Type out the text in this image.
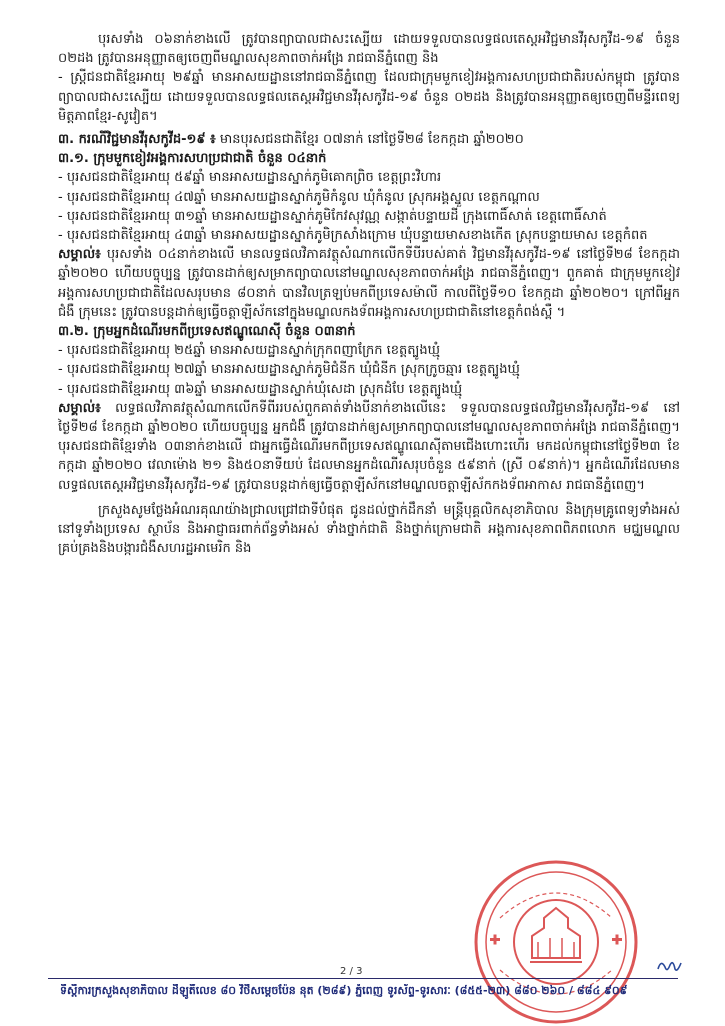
បុរសទាំង ០៦នាក់ខាងលើ ត្រូវបានព្យាបាលជាសះស្បើយ ដោយទទួលបានលទ្ធផលតេស្តអវិជ្ជមានវីរុសកូវីដ-១៩ ចំនួន ០២ដង ត្រូវបានអនុញ្ញាតឲ្យចេញពីមណ្ឌលសុខភាពចាក់អង្រែ រាជធានីភ្នំពេញ និង

- ស្ត្រីជនជាតិខ្មែរអាយុ ២៩ឆ្នាំ មានអាសយដ្ឋាននៅរាជធានីភ្នំពេញ ដែលជាក្រុមមួកខៀវអង្គការសហប្រជាជាតិរបស់កម្ពុជា ត្រូវបានព្យាបាលជាសះស្បើយ ដោយទទួលបានលទ្ធផលតេស្តអវិជ្ជមានវីរុសកូវីដ-១៩ ចំនួន ០២ដង និងត្រូវបានអនុញ្ញាតឲ្យចេញពីមន្ទីរពេទ្យមិត្តភាពខ្មែរ-សូវៀត។

៣. ករណីវិជ្ជមានវីរុសកូវីដ-១៩ ៖ មានបុរសជនជាតិខ្មែរ ០៧នាក់ នៅថ្ងៃទី២៨ ខែកក្កដា ឆ្នាំ២០២០

៣.១. ក្រុមមួកខៀវអង្គការសហប្រជាជាតិ ចំនួន ០៤នាក់

- បុរសជនជាតិខ្មែរអាយុ ៥៩ឆ្នាំ មានអាសយដ្ឋានស្នាក់ភូមិគោកព្រិច ខេត្តព្រះវិហារ

- បុរសជនជាតិខ្មែរអាយុ ៤៧ឆ្នាំ មានអាសយដ្ឋានស្នាក់ភូមិកំនូល ឃុំកំនូល ស្រុកអង្គស្នួល ខេត្តកណ្តាល

- បុរសជនជាតិខ្មែរអាយុ ៣១ឆ្នាំ មានអាសយដ្ឋានស្នាក់ភូមិកែវសុវណ្ណ សង្កាត់បន្ទាយដី ក្រុងពោធិ៍សាត់ ខេត្តពោធិ៍សាត់

- បុរសជនជាតិខ្មែរអាយុ ៤៣ឆ្នាំ មានអាសយដ្ឋានស្នាក់ភូមិក្រសាំងក្រោម ឃុំបន្ទាយមាសខាងកើត ស្រុកបន្ទាយមាស ខេត្តកំពត

សម្គាល់៖ បុរសទាំង ០៤នាក់ខាងលើ មានលទ្ធផលវិភាគវត្ថុសំណាកលើកទីបីរបស់គាត់ វិជ្ជមានវីរុសកូវីដ-១៩ នៅថ្ងៃទី២៨ ខែកក្កដា ឆ្នាំ២០២០ ហើយបច្ចុប្បន្ន ត្រូវបានដាក់ឲ្យសម្រាកព្យាបាលនៅមណ្ឌលសុខភាពចាក់អង្រែ រាជធានីភ្នំពេញ។ ពួកគាត់ ជាក្រុមមួកខៀវអង្គការសហប្រជាជាតិដែលសរុបមាន ៨០នាក់ បានវិលត្រឡប់មកពីប្រទេសម៉ាលី កាលពីថ្ងៃទី១០ ខែកក្កដា ឆ្នាំ២០២០។ ក្រៅពីអ្នកជំងឺ ក្រុមនេះ ត្រូវបានបន្តដាក់ឲ្យធ្វើចត្តាឡីស័កនៅក្នុងមណ្ឌលកងទ័ពអង្គការសហប្រជាជាតិនៅខេត្តកំពង់ស្ពឺ ។

៣.២. ក្រុមអ្នកដំណើរមកពីប្រទេសឥណ្ឌូណេស៊ី ចំនួន ០៣នាក់

- បុរសជនជាតិខ្មែរអាយុ ២៥ឆ្នាំ មានអាសយដ្ឋានស្នាក់ក្រុកពញាក្រែក ខេត្តត្បូងឃ្មុំ

- បុរសជនជាតិខ្មែរអាយុ ២៧ឆ្នាំ មានអាសយដ្ឋានស្នាក់ភូមិជំនីក ឃុំជំនីក ស្រុកក្រូចឆ្មារ ខេត្តត្បូងឃ្មុំ

- បុរសជនជាតិខ្មែរអាយុ ៣៦ឆ្នាំ មានអាសយដ្ឋានស្នាក់ឃុំសេដា ស្រុកដំបែ ខេត្តត្បូងឃ្មុំ

សម្គាល់៖ លទ្ធផលវិភាគវត្ថុសំណាកលើកទីពីររបស់ពួកគាត់ទាំងបីនាក់ខាងលើនេះ ទទួលបានលទ្ធផលវិជ្ជមានវីរុសកូវីដ-១៩ នៅថ្ងៃទី២៨ ខែកក្កដា ឆ្នាំ២០២០ ហើយបច្ចុប្បន្ន អ្នកជំងឺ ត្រូវបានដាក់ឲ្យសម្រាកព្យាបាលនៅមណ្ឌលសុខភាពចាក់អង្រែ រាជធានីភ្នំពេញ។ បុរសជនជាតិខ្មែរទាំង ០៣នាក់ខាងលើ ជាអ្នកធ្វើដំណើរមកពីប្រទេសឥណ្ឌូណេស៊ីតាមជើងហោះហើរ មកដល់កម្ពុជានៅថ្ងៃទី២៣ ខែកក្កដា ឆ្នាំ២០២០ វេលាម៉ោង ២១ និង៥០នាទីយប់ ដែលមានអ្នកដំណើរសរុបចំនួន ៥៩នាក់ (ស្រី ០៩នាក់)។ អ្នកដំណើរដែលមានលទ្ធផលតេស្តអវិជ្ជមានវីរុសកូវីដ-១៩ ត្រូវបានបន្តដាក់ឲ្យធ្វើចត្តាឡីស័កនៅមណ្ឌលចត្តាឡីស័កកងទ័ពអាកាស រាជធានីភ្នំពេញ។

ក្រសួងសូមថ្លែងអំណរគុណយ៉ាងជ្រាលជ្រៅជាទីបំផុត ជូនដល់ថ្នាក់ដឹកនាំ មន្ត្រីបុគ្គលិកសុខាភិបាល និងក្រុមគ្រូពេទ្យទាំងអស់នៅទូទាំងប្រទេស ស្ថាប័ន និងអាជ្ញាធរពាក់ព័ន្ធទាំងអស់ ទាំងថ្នាក់ជាតិ និងថ្នាក់ក្រោមជាតិ អង្គការសុខភាពពិភពលោក មជ្ឈមណ្ឌលគ្រប់គ្រងនិងបង្ការជំងឺសហរដ្ឋអាមេរិក និង

2 / 3
ទីស្តីការក្រសួងសុខាភិបាល ដីឡូតិ៍លេខ ៨០ វិថីសម្តេចប៉ែន នុត (២៨៩) ភ្នំពេញ ទូរស័ព្ទ-ទូរសារៈ (៨៥៥-២៣) ៨៨០ ២៦០ / ៨៨៤ ៩០៩
